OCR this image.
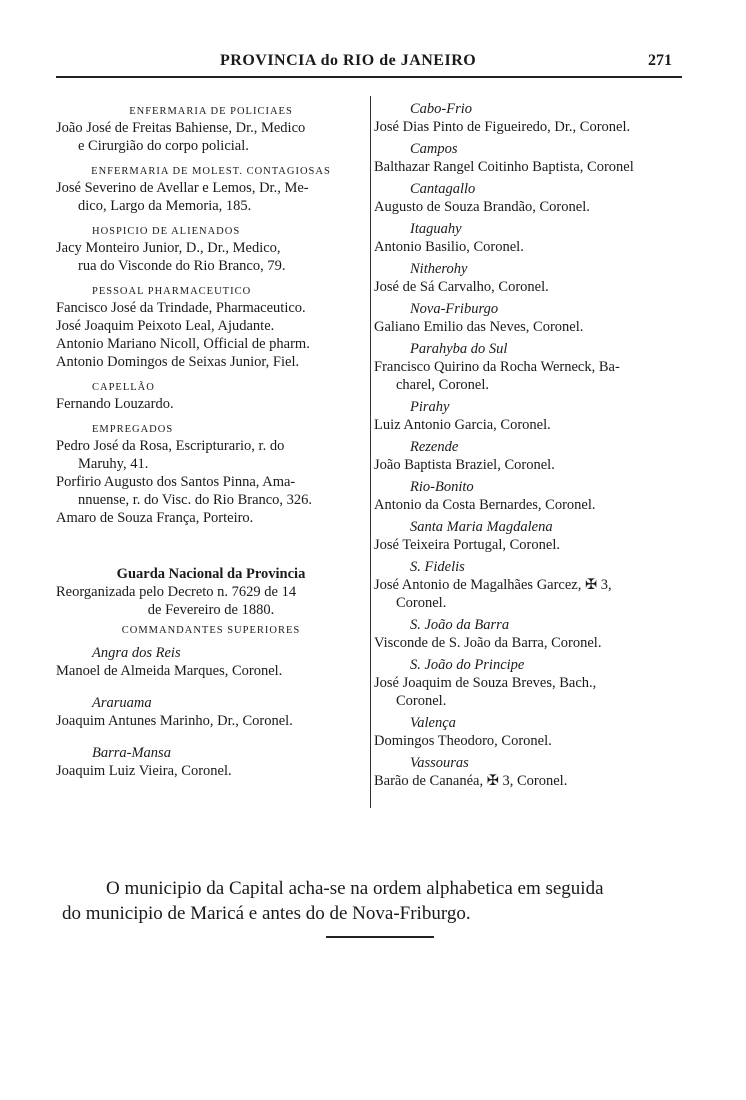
PROVINCIA do RIO de JANEIRO	271
ENFERMARIA DE POLICIAES
João José de Freitas Bahiense, Dr., Medico
e Cirurgião do corpo policial.
ENFERMARIA DE MOLEST. CONTAGIOSAS
José Severino de Avellar e Lemos, Dr., Me-
dico, Largo da Memoria, 185.
HOSPICIO DE ALIENADOS
Jacy Monteiro Junior, D., Dr., Medico,
rua do Visconde do Rio Branco, 79.
PESSOAL PHARMACEUTICO
Fancisco José da Trindade, Pharmaceutico.
José Joaquim Peixoto Leal, Ajudante.
Antonio Mariano Nicoll, Official de pharm.
Antonio Domingos de Seixas Junior, Fiel.
CAPELLÃO
Fernando Louzardo.
EMPREGADOS
Pedro José da Rosa, Escripturario, r. do
Maruhy, 41.
Porfirio Augusto dos Santos Pinna, Ama-
nnuense, r. do Visc. do Rio Branco, 326.
Amaro de Souza França, Porteiro.
Guarda Nacional da Provincia
Reorganizada pelo Decreto n. 7629 de 14
de Fevereiro de 1880.
COMMANDANTES SUPERIORES
Angra dos Reis
Manoel de Almeida Marques, Coronel.
Araruama
Joaquim Antunes Marinho, Dr., Coronel.
Barra-Mansa
Joaquim Luiz Vieira, Coronel.
Cabo-Frio
José Dias Pinto de Figueiredo, Dr., Coronel.
Campos
Balthazar Rangel Coitinho Baptista, Coronel
Cantagallo
Augusto de Souza Brandão, Coronel.
Itaguahy
Antonio Basilio, Coronel.
Nitherohy
José de Sá Carvalho, Coronel.
Nova-Friburgo
Galiano Emilio das Neves, Coronel.
Parahyba do Sul
Francisco Quirino da Rocha Werneck, Ba-
charel, Coronel.
Pirahy
Luiz Antonio Garcia, Coronel.
Rezende
João Baptista Braziel, Coronel.
Rio-Bonito
Antonio da Costa Bernardes, Coronel.
Santa Maria Magdalena
José Teixeira Portugal, Coronel.
S. Fidelis
José Antonio de Magalhães Garcez, ✠ 3,
Coronel.
S. João da Barra
Visconde de S. João da Barra, Coronel.
S. João do Principe
José Joaquim de Souza Breves, Bach.,
Coronel.
Valença
Domingos Theodoro, Coronel.
Vassouras
Barão de Cananéa, ✠ 3, Coronel.
O municipio da Capital acha-se na ordem alphabetica em seguida
do municipio de Maricá e antes do de Nova-Friburgo.
